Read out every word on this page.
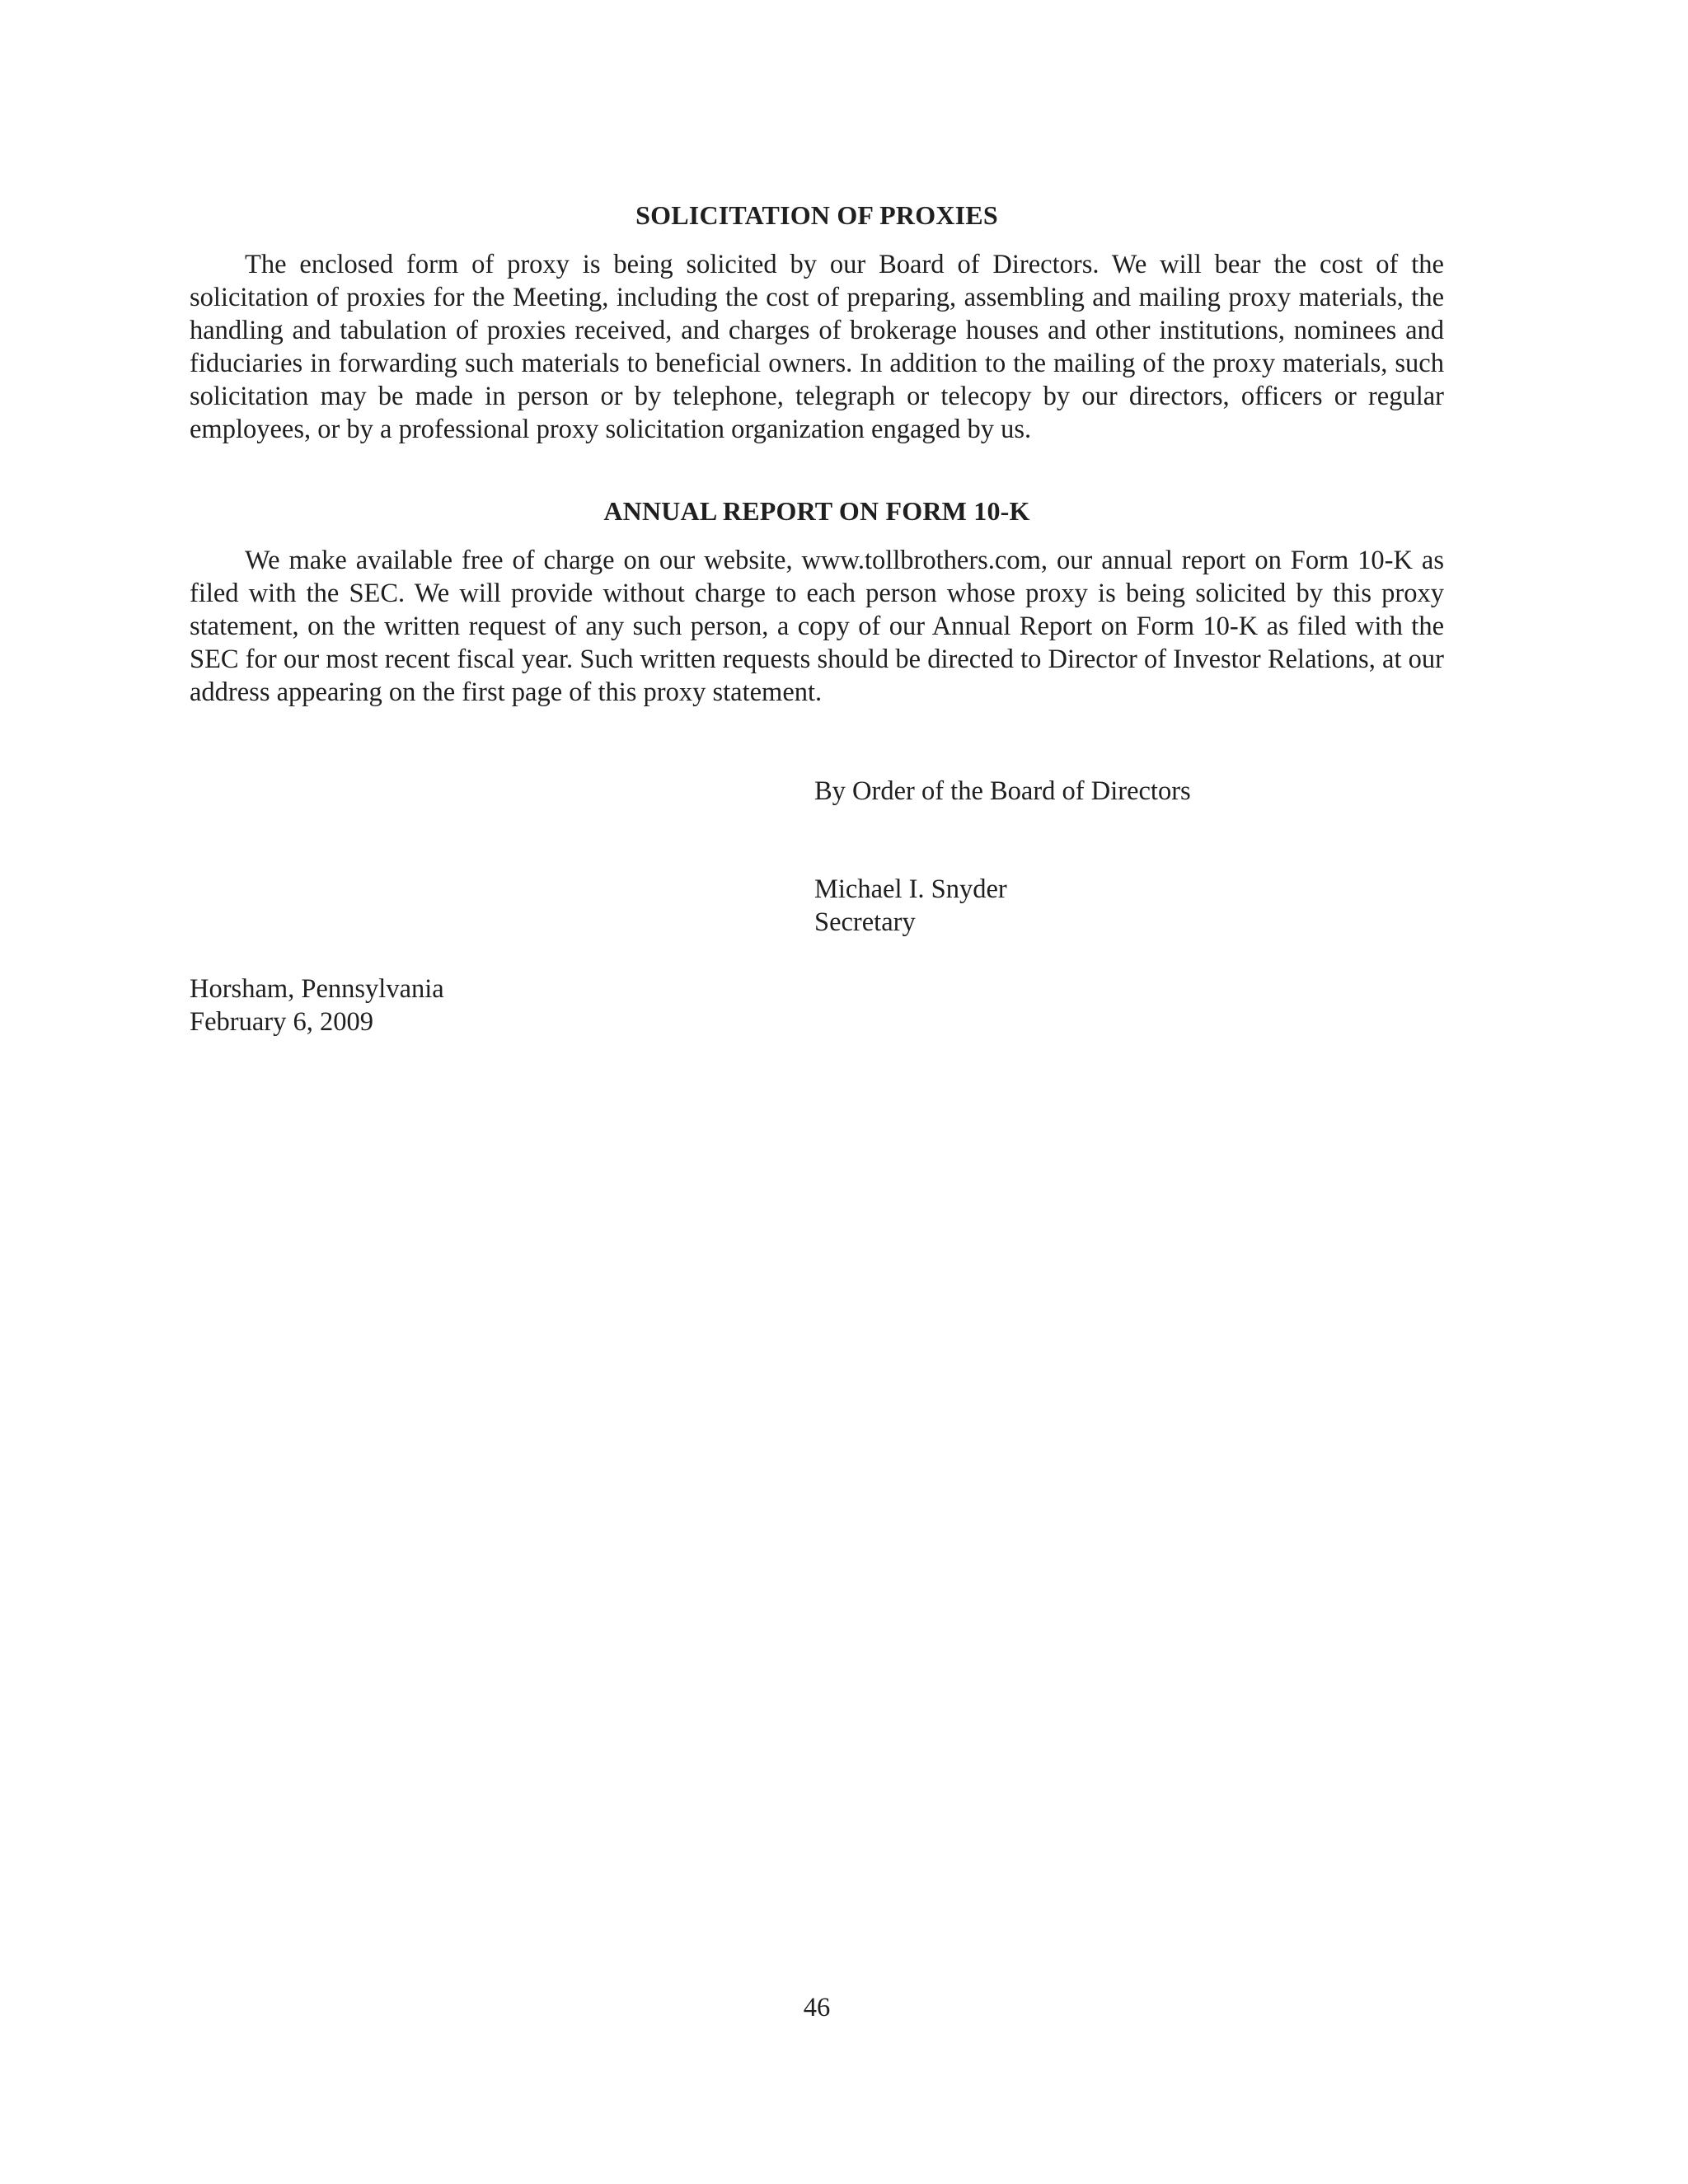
SOLICITATION OF PROXIES

The enclosed form of proxy is being solicited by our Board of Directors. We will bear the cost of the solicitation of proxies for the Meeting, including the cost of preparing, assembling and mailing proxy materials, the handling and tabulation of proxies received, and charges of brokerage houses and other institutions, nominees and fiduciaries in forwarding such materials to beneficial owners. In addition to the mailing of the proxy materials, such solicitation may be made in person or by telephone, telegraph or telecopy by our directors, officers or regular employees, or by a professional proxy solicitation organization engaged by us.

ANNUAL REPORT ON FORM 10-K

We make available free of charge on our website, www.tollbrothers.com, our annual report on Form 10-K as filed with the SEC. We will provide without charge to each person whose proxy is being solicited by this proxy statement, on the written request of any such person, a copy of our Annual Report on Form 10-K as filed with the SEC for our most recent fiscal year. Such written requests should be directed to Director of Investor Relations, at our address appearing on the first page of this proxy statement.

By Order of the Board of Directors

Michael I. Snyder

Secretary

Horsham, Pennsylvania

February 6, 2009

46
